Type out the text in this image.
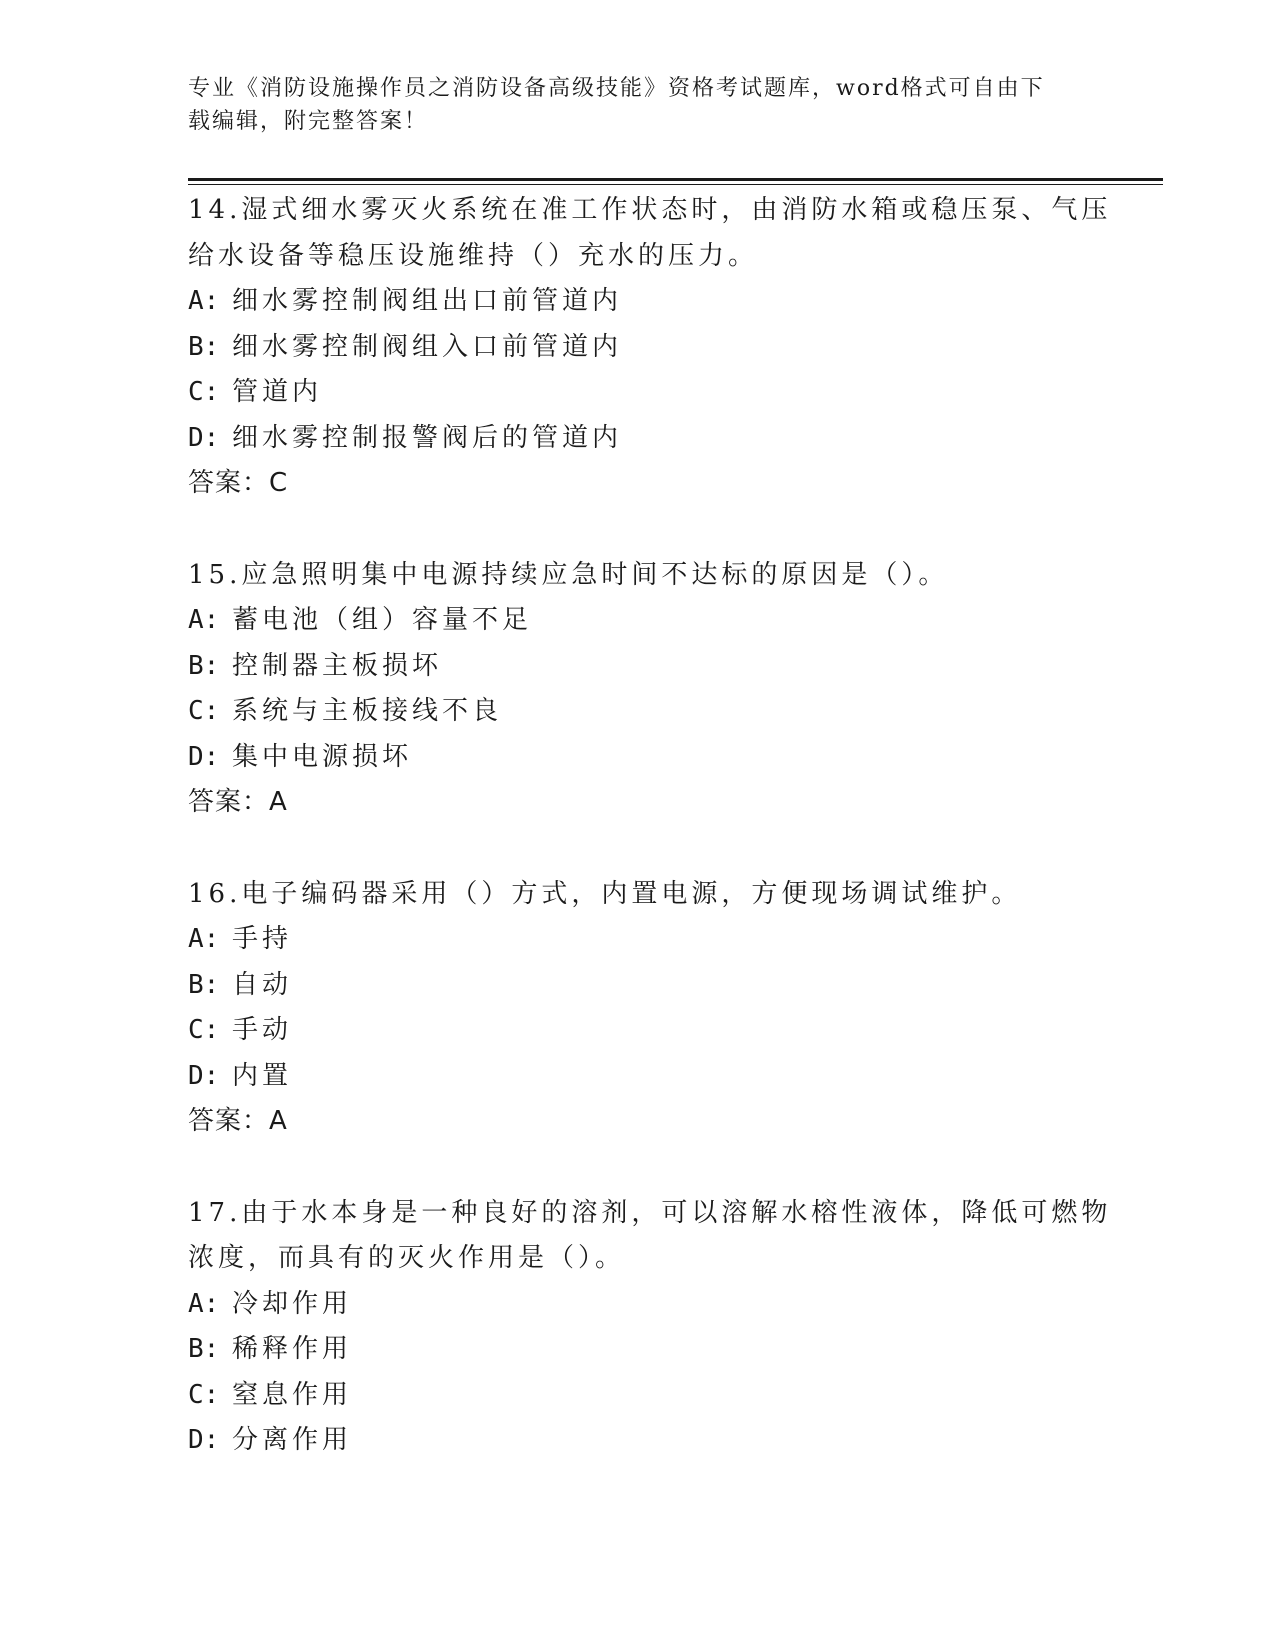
专业《消防设施操作员之消防设备高级技能》资格考试题库，word格式可自由下
载编辑，附完整答案！
14.湿式细水雾灭火系统在准工作状态时，由消防水箱或稳压泵、气压
给水设备等稳压设施维持（）充水的压力。
A: 细水雾控制阀组出口前管道内
B: 细水雾控制阀组入口前管道内
C: 管道内
D: 细水雾控制报警阀后的管道内
答案：C
15.应急照明集中电源持续应急时间不达标的原因是（）。
A: 蓄电池（组）容量不足
B: 控制器主板损坏
C: 系统与主板接线不良
D: 集中电源损坏
答案：A
16.电子编码器采用（）方式，内置电源，方便现场调试维护。
A: 手持
B: 自动
C: 手动
D: 内置
答案：A
17.由于水本身是一种良好的溶剂，可以溶解水榕性液体，降低可燃物
浓度，而具有的灭火作用是（）。
A: 冷却作用
B: 稀释作用
C: 窒息作用
D: 分离作用
